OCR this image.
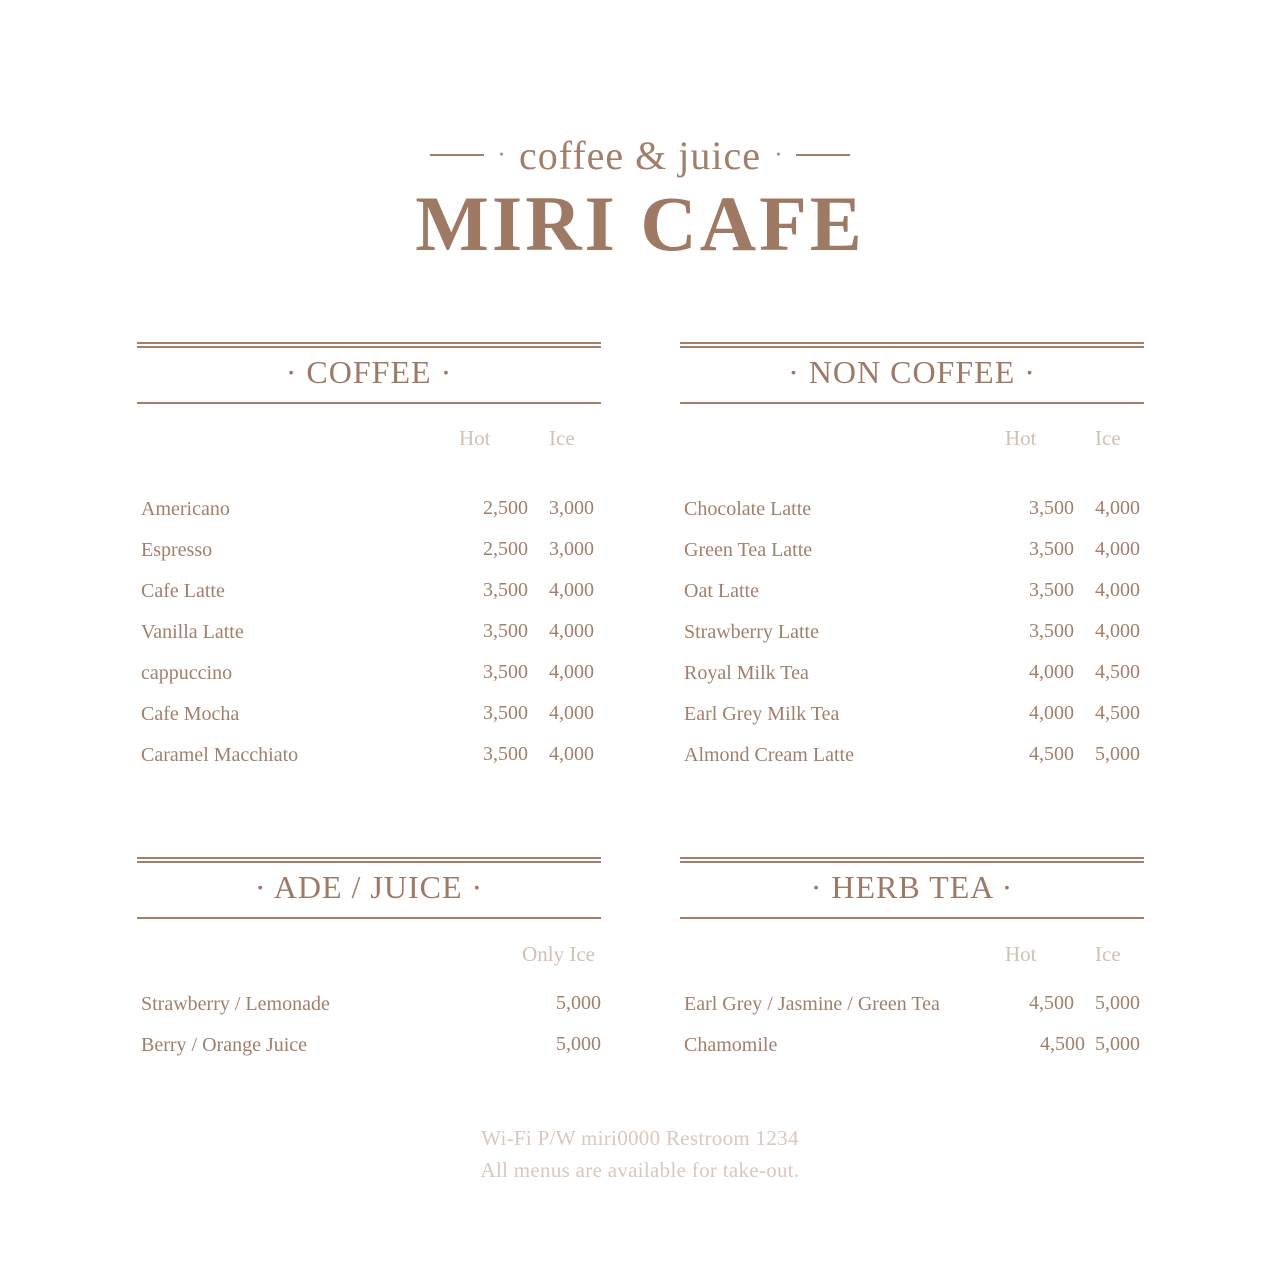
· coffee & juice ·
MIRI CAFE
· COFFEE ·
Hot	Ice
Americano	2,500 3,000
Espresso	2,500 3,000
Cafe Latte	3,500 4,000
Vanilla Latte	3,500 4,000
cappuccino	3,500 4,000
Cafe Mocha	3,500 4,000
Caramel Macchiato	3,500 4,000
· NON COFFEE ·
Hot	Ice
Chocolate Latte	3,500 4,000
Green Tea Latte	3,500 4,000
Oat Latte	3,500 4,000
Strawberry Latte	3,500 4,000
Royal Milk Tea	4,000 4,500
Earl Grey Milk Tea	4,000 4,500
Almond Cream Latte	4,500 5,000
· ADE / JUICE ·
Only Ice
Strawberry / Lemonade	5,000
Berry / Orange Juice	5,000
· HERB TEA ·
Hot	Ice
Earl Grey / Jasmine / Green Tea	4,500 5,000
Chamomile	4,500 5,000
Wi-Fi P/W miri0000 Restroom 1234
All menus are available for take-out.
